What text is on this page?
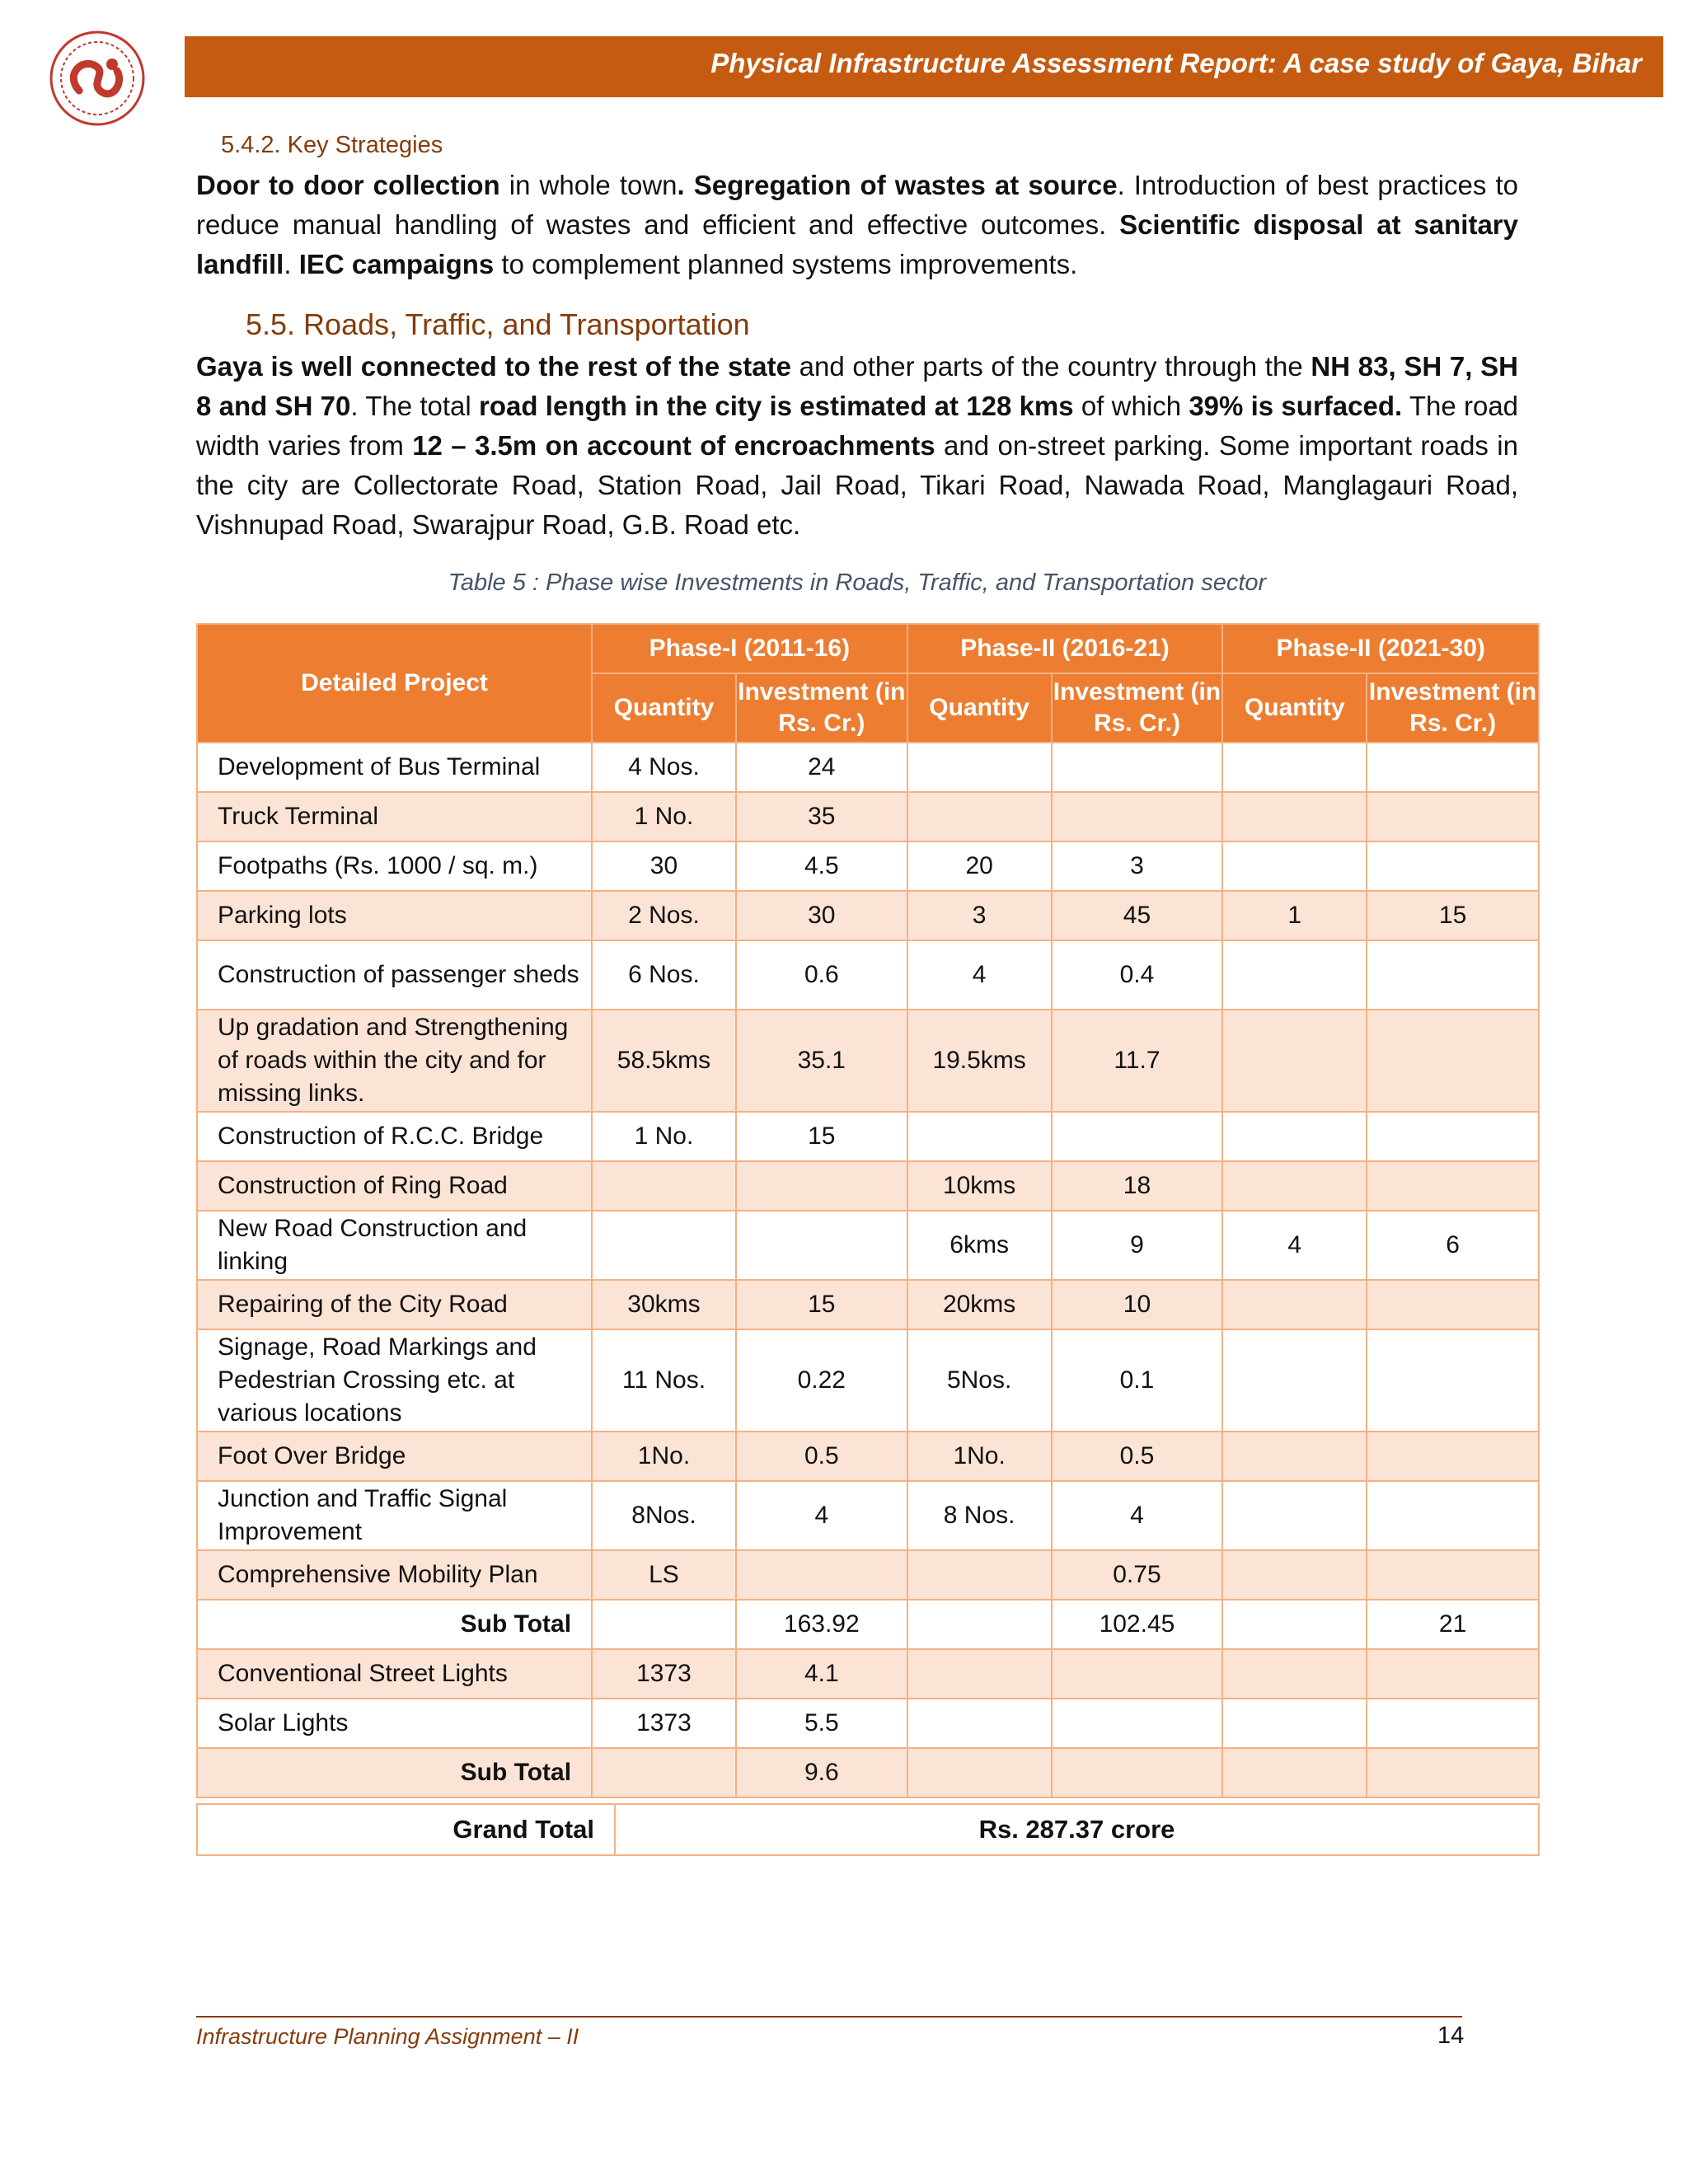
Physical Infrastructure Assessment Report: A case study of Gaya, Bihar
5.4.2. Key Strategies

Door to door collection in whole town. Segregation of wastes at source. Introduction of best practices to reduce manual handling of wastes and efficient and effective outcomes. Scientific disposal at sanitary landfill. IEC campaigns to complement planned systems improvements.

5.5. Roads, Traffic, and Transportation

Gaya is well connected to the rest of the state and other parts of the country through the NH 83, SH 7, SH 8 and SH 70. The total road length in the city is estimated at 128 kms of which 39% is surfaced. The road width varies from 12 – 3.5m on account of encroachments and on-street parking. Some important roads in the city are Collectorate Road, Station Road, Jail Road, Tikari Road, Nawada Road, Manglagauri Road, Vishnupad Road, Swarajpur Road, G.B. Road etc.

Table 5 : Phase wise Investments in Roads, Traffic, and Transportation sector
Detailed Project	Phase-I (2011-16)		Phase-II (2016-21)		Phase-II (2021-30)	
	Quantity	Investment (in Rs. Cr.)	Quantity	Investment (in Rs. Cr.)	Quantity	Investment (in Rs. Cr.)
Development of Bus Terminal	4 Nos.	24				
Truck Terminal	1 No.	35				
Footpaths (Rs. 1000 / sq. m.)	30	4.5	20	3		
Parking lots	2 Nos.	30	3	45	1	15
Construction of passenger sheds	6 Nos.	0.6	4	0.4		
Up gradation and Strengthening of roads within the city and for missing links.	58.5kms	35.1	19.5kms	11.7		
Construction of R.C.C. Bridge	1 No.	15				
Construction of Ring Road			10kms	18		
New Road Construction and linking			6kms	9	4	6
Repairing of the City Road	30kms	15	20kms	10		
Signage, Road Markings and Pedestrian Crossing etc. at various locations	11 Nos.	0.22	5Nos.	0.1		
Foot Over Bridge	1No.	0.5	1No.	0.5		
Junction and Traffic Signal Improvement	8Nos.	4	8 Nos.	4		
Comprehensive Mobility Plan	LS			0.75		
Sub Total		163.92		102.45		21
Conventional Street Lights	1373	4.1				
Solar Lights	1373	5.5				
Sub Total		9.6				
Grand Total	Rs. 287.37 crore
Infrastructure Planning Assignment – II	14
